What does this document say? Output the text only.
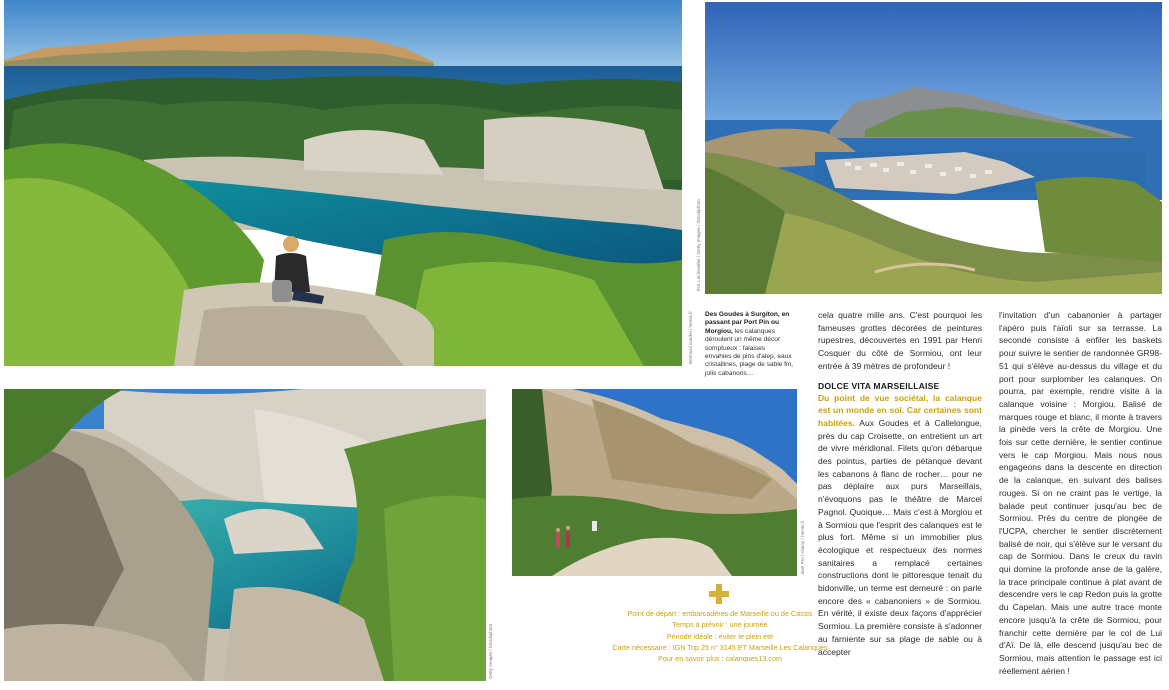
Bertrand Gardel / hemis.fr
Éric Lechevalier / Getty Images / iStockphoto
Des Goudes à Surgiton, en passant par Port Pin ou Morgiou, les calanques déroulent un même décor somptueux : falaises envahies de pins d'alep, eaux cristallines, plage de sable fin, jolis cabanons…
Getty Images / iStockphoto
Bart Pro / Alamy / hemis.fr
cela quatre mille ans. C'est pourquoi les fameuses grottes décorées de peintures rupestres, découvertes en 1991 par Henri Cosquer du côté de Sormiou, ont leur entrée à 39 mètres de profondeur !
DOLCE VITA MARSEILLAISE
Du point de vue sociétal, la calanque est un monde en soi. Car certaines sont habitées. Aux Goudes et à Callelongue, près du cap Croisette, on entretient un art de vivre méridional. Filets qu'on débarque des pointus, parties de pétanque devant les cabanons à flanc de rocher… pour ne pas déplaire aux purs Marseillais, n'évoquons pas le théâtre de Marcel Pagnol. Quoique… Mais c'est à Morgiou et à Sormiou que l'esprit des calanques est le plus fort. Même si un immobilier plus écologique et respectueux des normes sanitaires a remplacé certaines constructions dont le pittoresque tenait du bidonville, un terme est demeuré : on parle encore des « cabanoniers » de Sormiou. En vérité, il existe deux façons d'apprécier Sormiou. La première consiste à s'adonner au farniente sur sa plage de sable ou à accepter
l'invitation d'un cabanonier à partager l'apéro puis l'aïoli sur sa terrasse. La seconde consiste à enfiler les baskets pour suivre le sentier de randonnée GR98-51 qui s'élève au-dessus du village et du port pour surplomber les calanques. On pourra, par exemple, rendre visite à la calanque voisine : Morgiou. Balisé de marques rouge et blanc, il monte à travers la pinède vers la crête de Morgiou. Une fois sur cette dernière, le sentier continue vers le cap Morgiou. Mais nous nous engageons dans la descente en direction de la calanque, en suivant des balises rouges. Si on ne craint pas le vertige, la balade peut continuer jusqu'au bec de Sormiou. Près du centre de plongée de l'UCPA, chercher le sentier discrètement balisé de noir, qui s'élève sur le versant du cap de Sormiou. Dans le creux du ravin qui domine la profonde anse de la galère, la trace principale continue à plat avant de descendre vers le cap Redon puis la grotte du Capelan. Mais une autre trace monte encore jusqu'à la crête de Sormiou, pour franchir cette dernière par le col de Lui d'Aï. De là, elle descend jusqu'au bec de Sormiou, mais attention le passage est ici réellement aérien !
Point de départ : embarcadères de Marseille ou de Cassis
Temps à prévoir : une journée
Période idéale : éviter le plein été
Carte nécessaire : IGN Top 25 n° 3145 ET Marseille Les Calanques
Pour en savoir plus : calanques13.com
